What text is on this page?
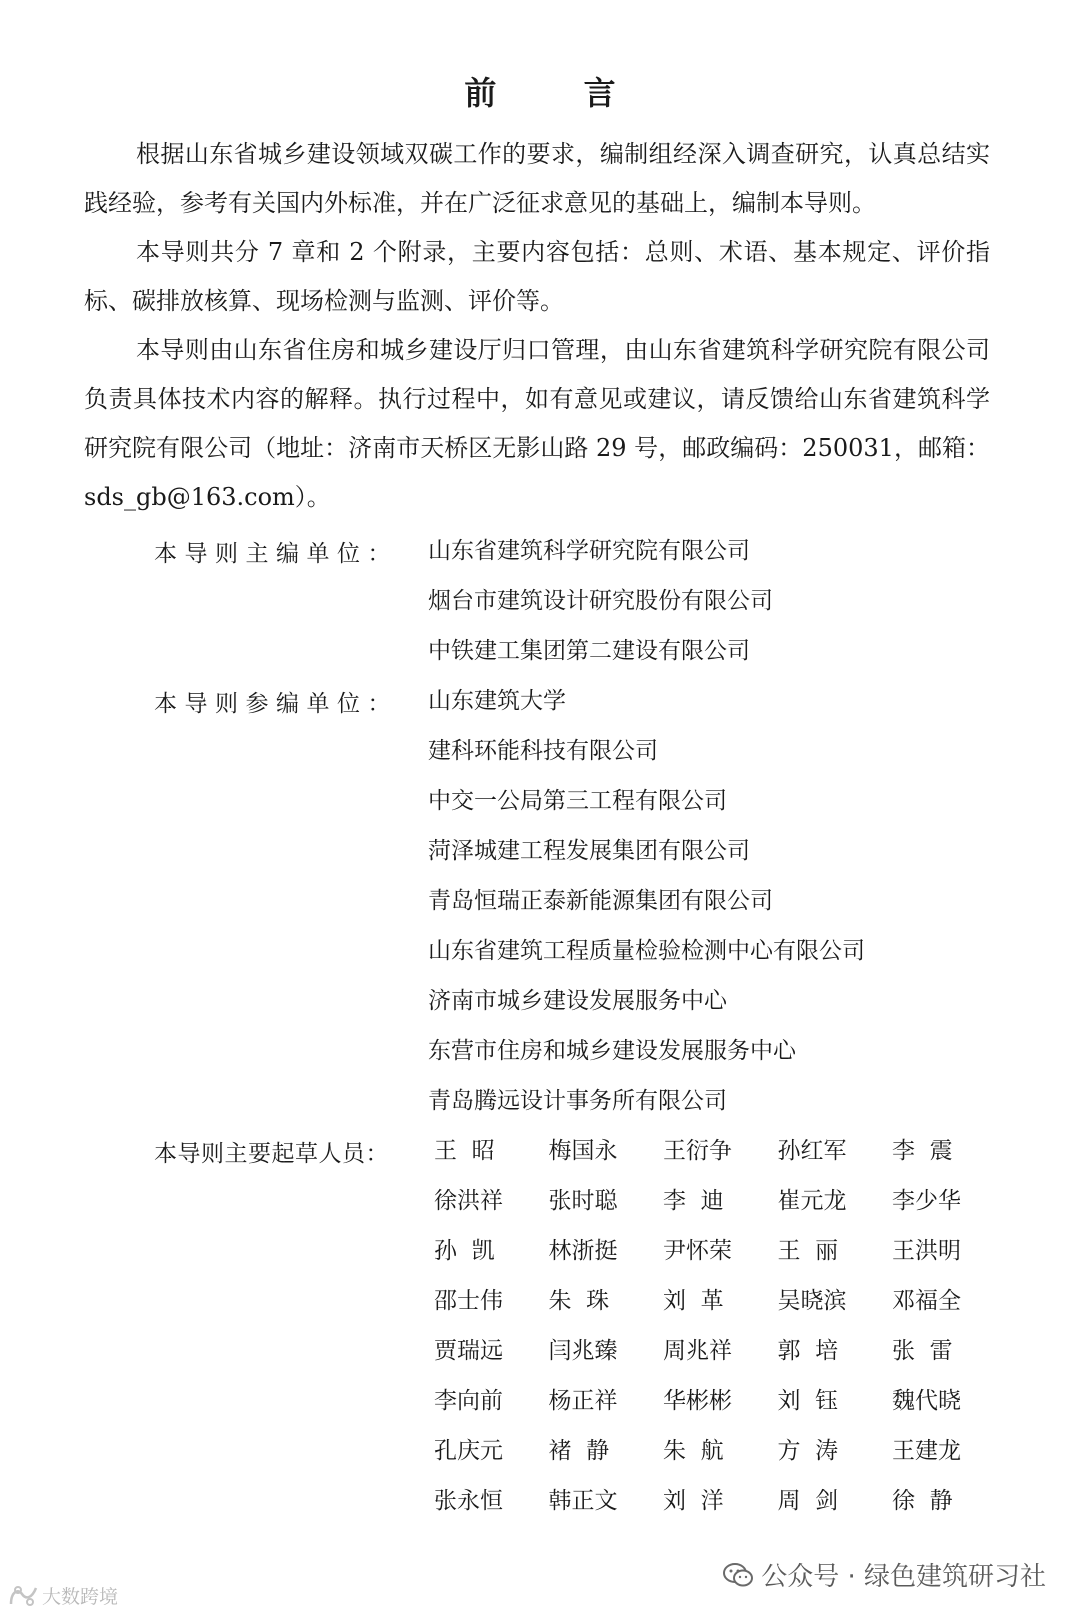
前 言

根据山东省城乡建设领域双碳工作的要求，编制组经深入调查研究，认真总结实践经验，参考有关国内外标准，并在广泛征求意见的基础上，编制本导则。

本导则共分 7 章和 2 个附录，主要内容包括：总则、术语、基本规定、评价指标、碳排放核算、现场检测与监测、评价等。

本导则由山东省住房和城乡建设厅归口管理，由山东省建筑科学研究院有限公司负责具体技术内容的解释。执行过程中，如有意见或建议，请反馈给山东省建筑科学研究院有限公司（地址：济南市天桥区无影山路 29 号，邮政编码：250031，邮箱：sds_gb@163.com）。

本导则主编单位： 山东省建筑科学研究院有限公司
烟台市建筑设计研究股份有限公司
中铁建工集团第二建设有限公司
本导则参编单位： 山东建筑大学
建科环能科技有限公司
中交一公局第三工程有限公司
菏泽城建工程发展集团有限公司
青岛恒瑞正泰新能源集团有限公司
山东省建筑工程质量检验检测中心有限公司
济南市城乡建设发展服务中心
东营市住房和城乡建设发展服务中心
青岛腾远设计事务所有限公司
本导则主要起草人员： 王  昭	梅国永	王衍争	孙红军	李  震
徐洪祥	张时聪	李  迪	崔元龙	李少华
孙  凯	林浙挺	尹怀荣	王  丽	王洪明
邵士伟	朱  珠	刘  革	吴晓滨	邓福全
贾瑞远	闫兆臻	周兆祥	郭  培	张  雷
李向前	杨正祥	华彬彬	刘  钰	魏代晓
孔庆元	褚  静	朱  航	方  涛	王建龙
张永恒	韩正文	刘  洋	周  剑	徐  静
公众号 · 绿色建筑研习社
大数跨境
